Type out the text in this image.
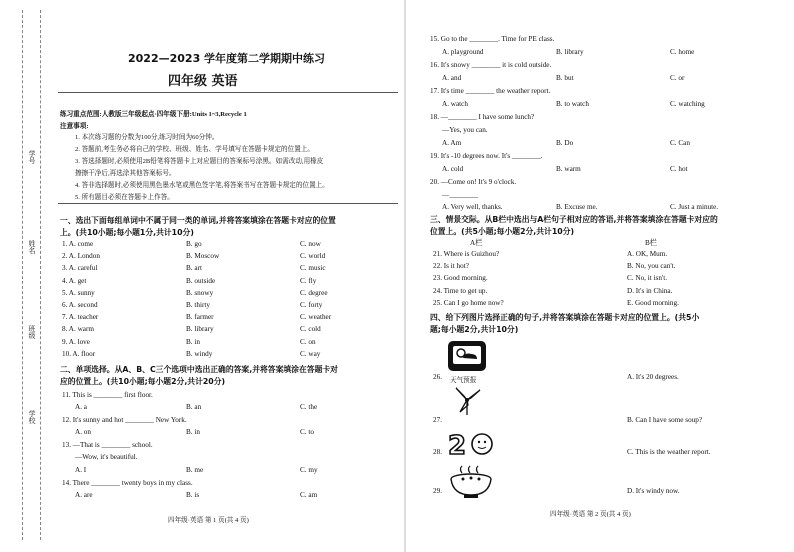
学号
姓名
班级
学校
2022—2023 学年度第二学期期中练习
四年级 英语
练习重点范围:人教版三年级起点·四年级下册:Units 1~3,Recycle 1
注意事项:
1. 本次练习题的分数为100分,练习时间为60分钟。
2. 答题前,考生务必将自己的学校、班级、姓名、学号填写在答题卡规定的位置上。
3. 答选择题时,必须使用2B铅笔将答题卡上对应题目的答案标号涂黑。如需改动,用橡皮
擦擦干净后,再选涂其他答案标号。
4. 答非选择题时,必须使用黑色墨水笔或黑色签字笔,将答案书写在答题卡规定的位置上。
5. 所有题目必须在答题卡上作答。
一、选出下面每组单词中不属于同一类的单词,并将答案填涂在答题卡对应的位置
上。(共10小题;每小题1分,共计10分)
1. A. come	B. go	C. now
2. A. London	B. Moscow	C. world
3. A. careful	B. art	C. music
4. A. get	B. outside	C. fly
5. A. sunny	B. snowy	C. degree
6. A. second	B. thirty	C. forty
7. A. teacher	B. farmer	C. weather
8. A. warm	B. library	C. cold
9. A. love	B. in	C. on
10. A. floor	B. windy	C. way
二、单项选择。从A、B、C三个选项中选出正确的答案,并将答案填涂在答题卡对
应的位置上。(共10小题;每小题2分,共计20分)
11. This is ________ first floor.
A. a	B. an	C. the
12. It's sunny and hot ________ New York.
A. on	B. in	C. to
13. —That is ________ school.
—Wow, it's beautiful.
A. I	B. me	C. my
14. There ________ twenty boys in my class.
A. are	B. is	C. am
四年级·英语 第 1 页(共 4 页)
15. Go to the ________. Time for PE class.
A. playground	B. library	C. home
16. It's snowy ________ it is cold outside.
A. and	B. but	C. or
17. It's time ________ the weather report.
A. watch	B. to watch	C. watching
18. —________ I have some lunch?
—Yes, you can.
A. Am	B. Do	C. Can
19. It's -10 degrees now. It's ________.
A. cold	B. warm	C. hot
20. —Come on! It's 9 o'clock.
—________
A. Very well, thanks.	B. Excuse me.	C. Just a minute.
三、情景交际。从B栏中选出与A栏句子相对应的答语,并将答案填涂在答题卡对应的
位置上。(共5小题;每小题2分,共计10分)
A栏	B栏
21. Where is Guizhou?	A. OK, Mum.
22. Is it hot?	B. No, you can't.
23. Good morning.	C. No, it isn't.
24. Time to get up.	D. It's in China.
25. Can I go home now?	E. Good morning.
四、给下列图片选择正确的句子,并将答案填涂在答题卡对应的位置上。(共5小
题;每小题2分,共计10分)
天气预报
2
26.	A. It's 20 degrees.
27.	B. Can I have some soup?
28.	C. This is the weather report.
29.	D. It's windy now.
四年级·英语 第 2 页(共 4 页)
